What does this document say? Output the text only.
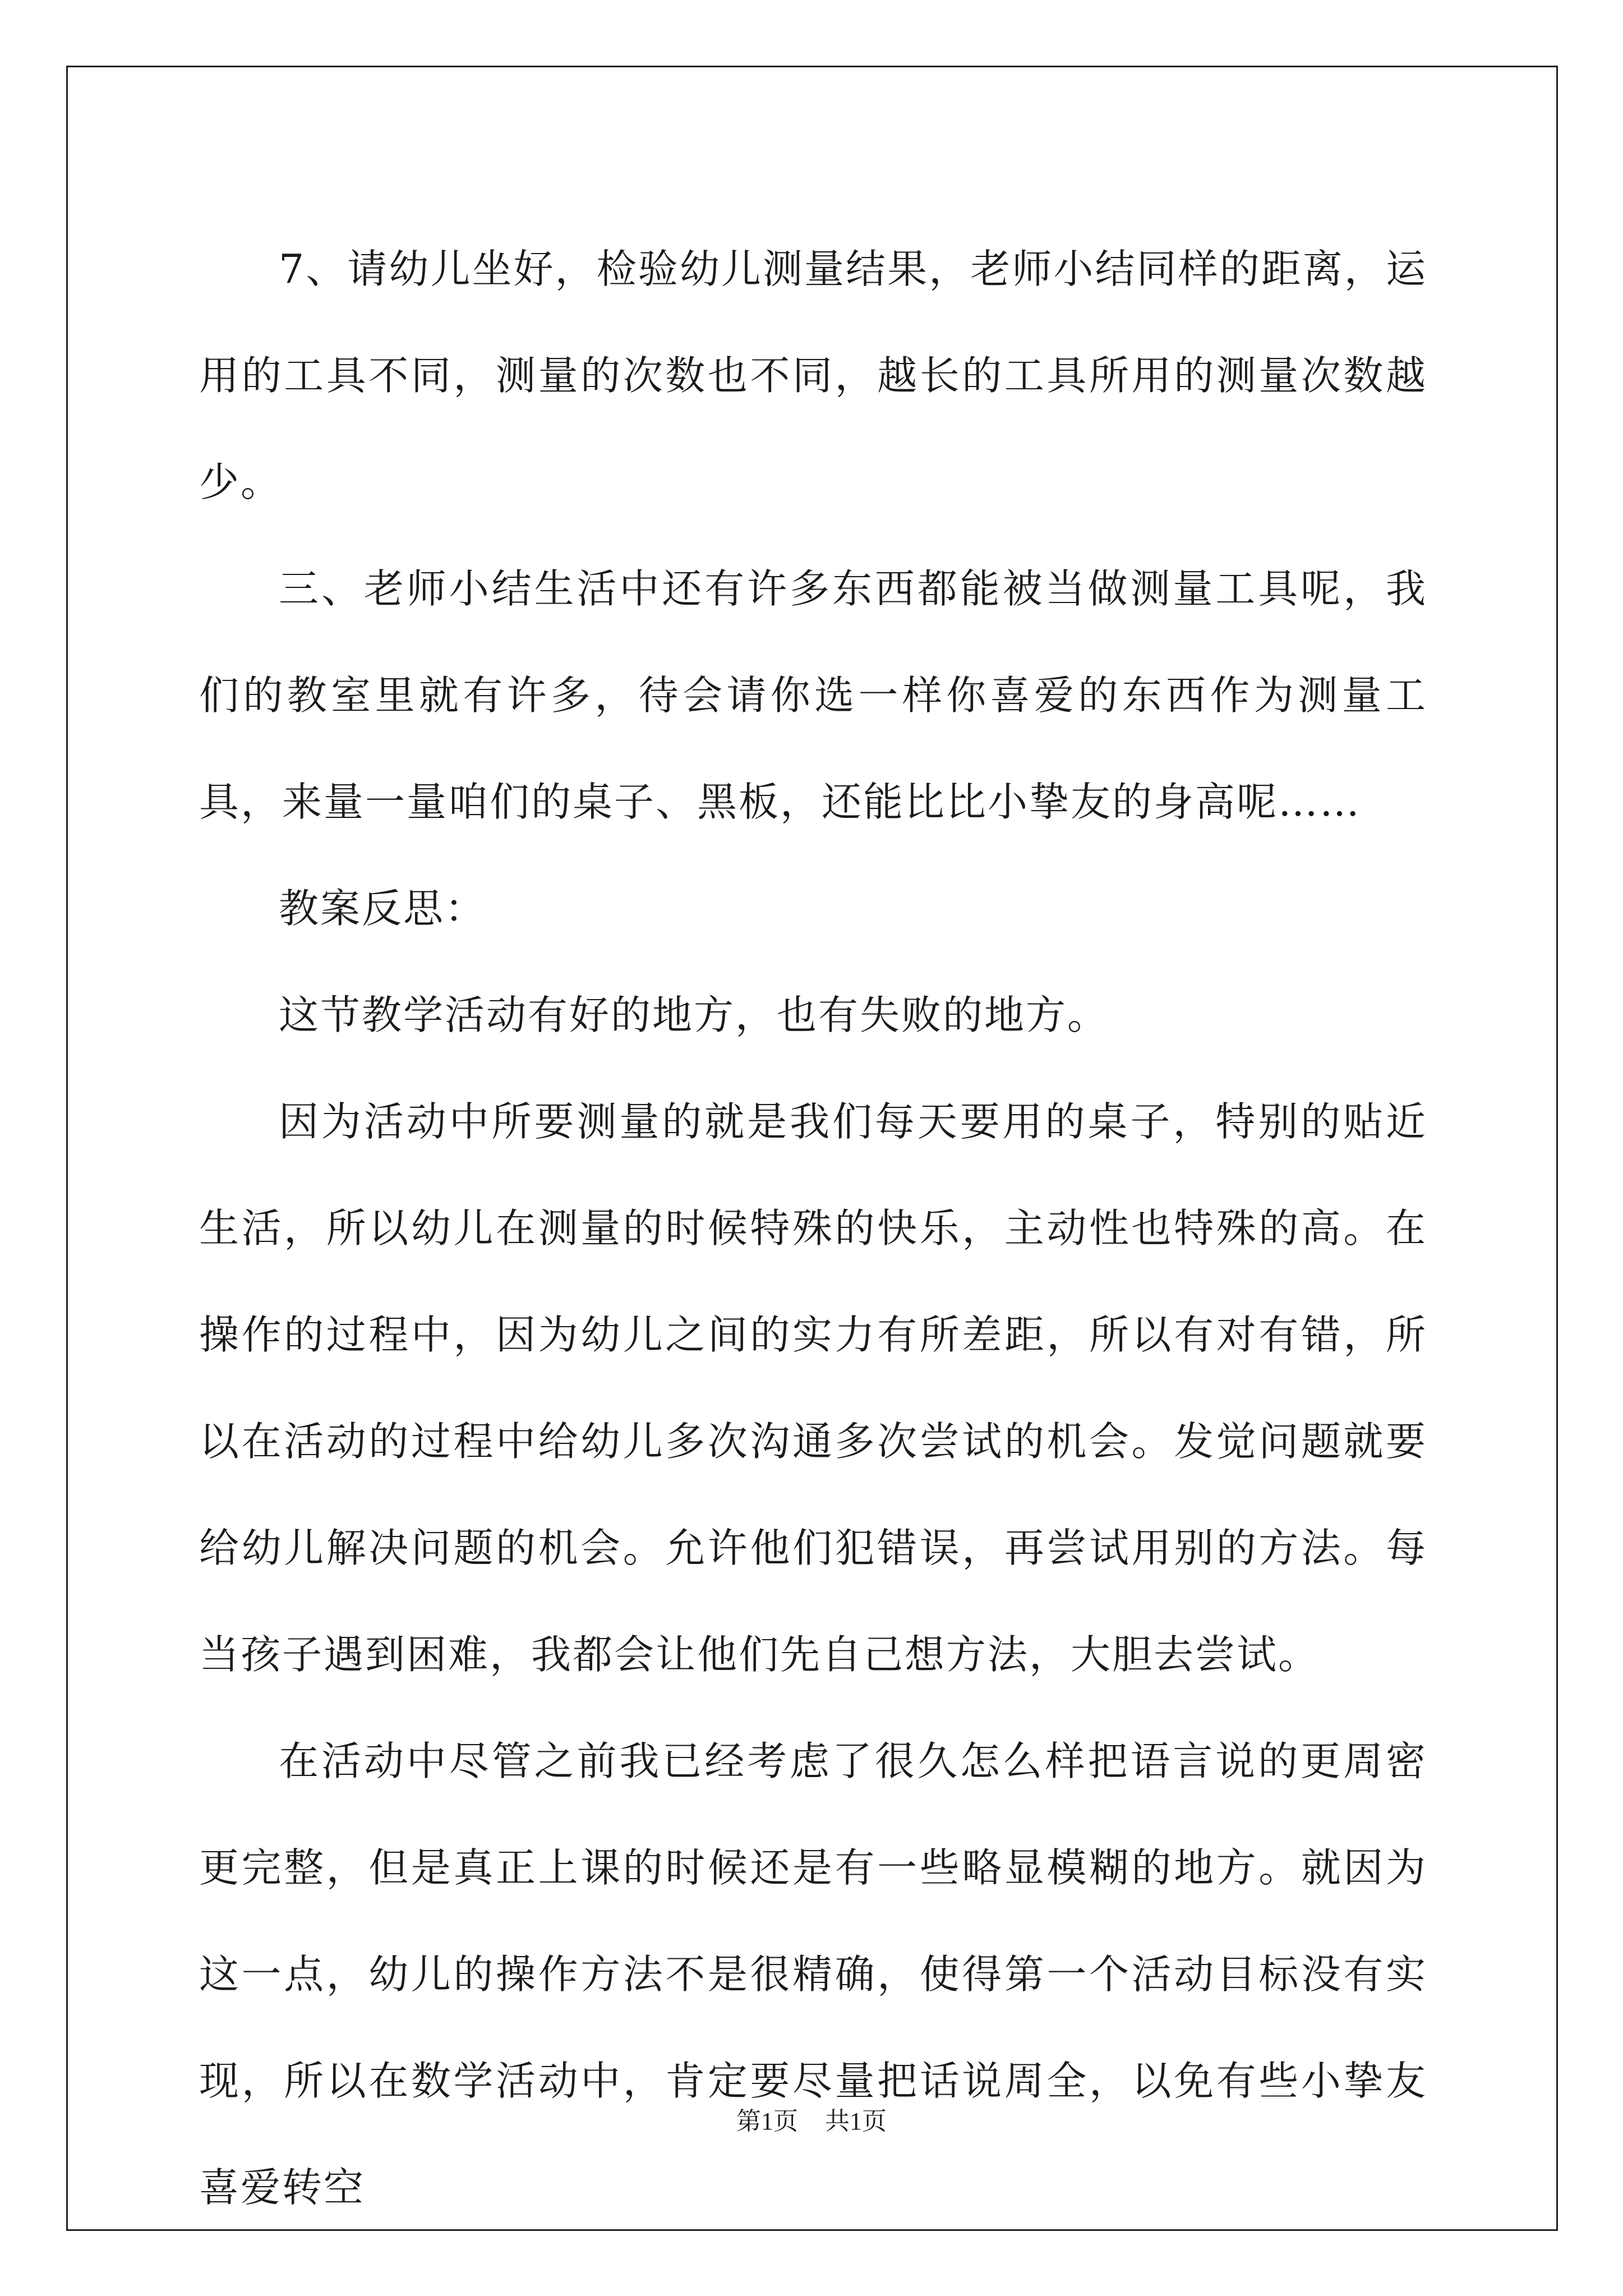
7、请幼儿坐好，检验幼儿测量结果，老师小结同样的距离，运用的工具不同，测量的次数也不同，越长的工具所用的测量次数越少。

三、老师小结生活中还有许多东西都能被当做测量工具呢，我们的教室里就有许多，待会请你选一样你喜爱的东西作为测量工具，来量一量咱们的桌子、黑板，还能比比小挚友的身高呢……

教案反思：

这节教学活动有好的地方，也有失败的地方。

因为活动中所要测量的就是我们每天要用的桌子，特别的贴近生活，所以幼儿在测量的时候特殊的快乐，主动性也特殊的高。在操作的过程中，因为幼儿之间的实力有所差距，所以有对有错，所以在活动的过程中给幼儿多次沟通多次尝试的机会。发觉问题就要给幼儿解决问题的机会。允许他们犯错误，再尝试用别的方法。每当孩子遇到困难，我都会让他们先自己想方法，大胆去尝试。

在活动中尽管之前我已经考虑了很久怎么样把语言说的更周密更完整，但是真正上课的时候还是有一些略显模糊的地方。就因为这一点，幼儿的操作方法不是很精确，使得第一个活动目标没有实现，所以在数学活动中，肯定要尽量把话说周全，以免有些小挚友喜爱转空

第1页 共1页
